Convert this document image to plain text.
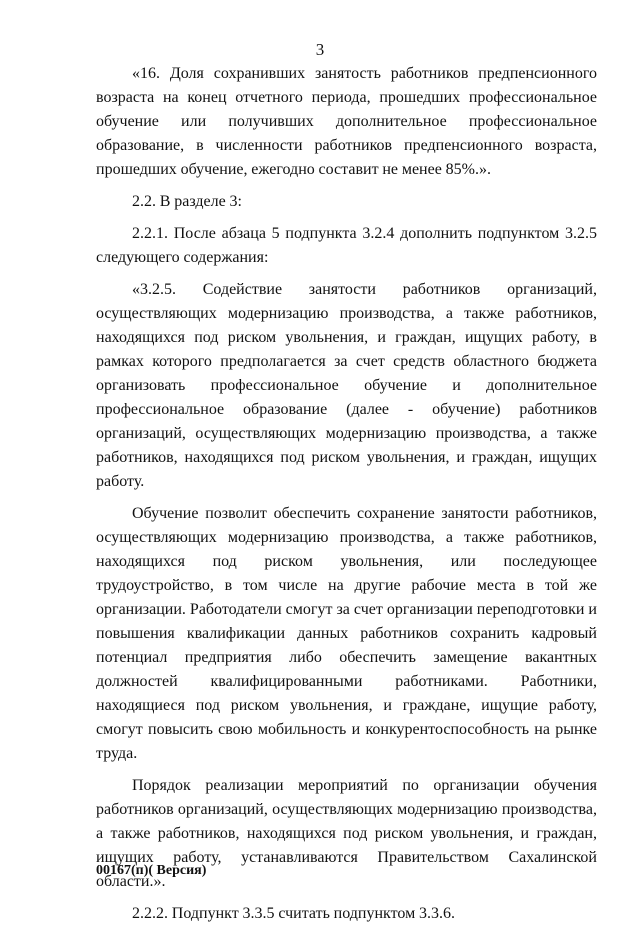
3

«16. Доля сохранивших занятость работников предпенсионного возраста на конец отчетного периода, прошедших профессиональное обучение или получивших дополнительное профессиональное образование, в численности работников предпенсионного возраста, прошедших обучение, ежегодно составит не менее 85%.».

2.2. В разделе 3:

2.2.1. После абзаца 5 подпункта 3.2.4 дополнить подпунктом 3.2.5 следующего содержания:

«3.2.5. Содействие занятости работников организаций, осуществляющих модернизацию производства, а также работников, находящихся под риском увольнения, и граждан, ищущих работу, в рамках которого предполагается за счет средств областного бюджета организовать профессиональное обучение и дополнительное профессиональное образование (далее - обучение) работников организаций, осуществляющих модернизацию производства, а также работников, находящихся под риском увольнения, и граждан, ищущих работу.

Обучение позволит обеспечить сохранение занятости работников, осуществляющих модернизацию производства, а также работников, находящихся под риском увольнения, или последующее трудоустройство, в том числе на другие рабочие места в той же организации. Работодатели смогут за счет организации переподготовки и повышения квалификации данных работников сохранить кадровый потенциал предприятия либо обеспечить замещение вакантных должностей квалифицированными работниками. Работники, находящиеся под риском увольнения, и граждане, ищущие работу, смогут повысить свою мобильность и конкурентоспособность на рынке труда.

Порядок реализации мероприятий по организации обучения работников организаций, осуществляющих модернизацию производства, а также работников, находящихся под риском увольнения, и граждан, ищущих работу, устанавливаются Правительством Сахалинской области.».

2.2.2. Подпункт 3.3.5 считать подпунктом 3.3.6.

00167(п)( Версия)
